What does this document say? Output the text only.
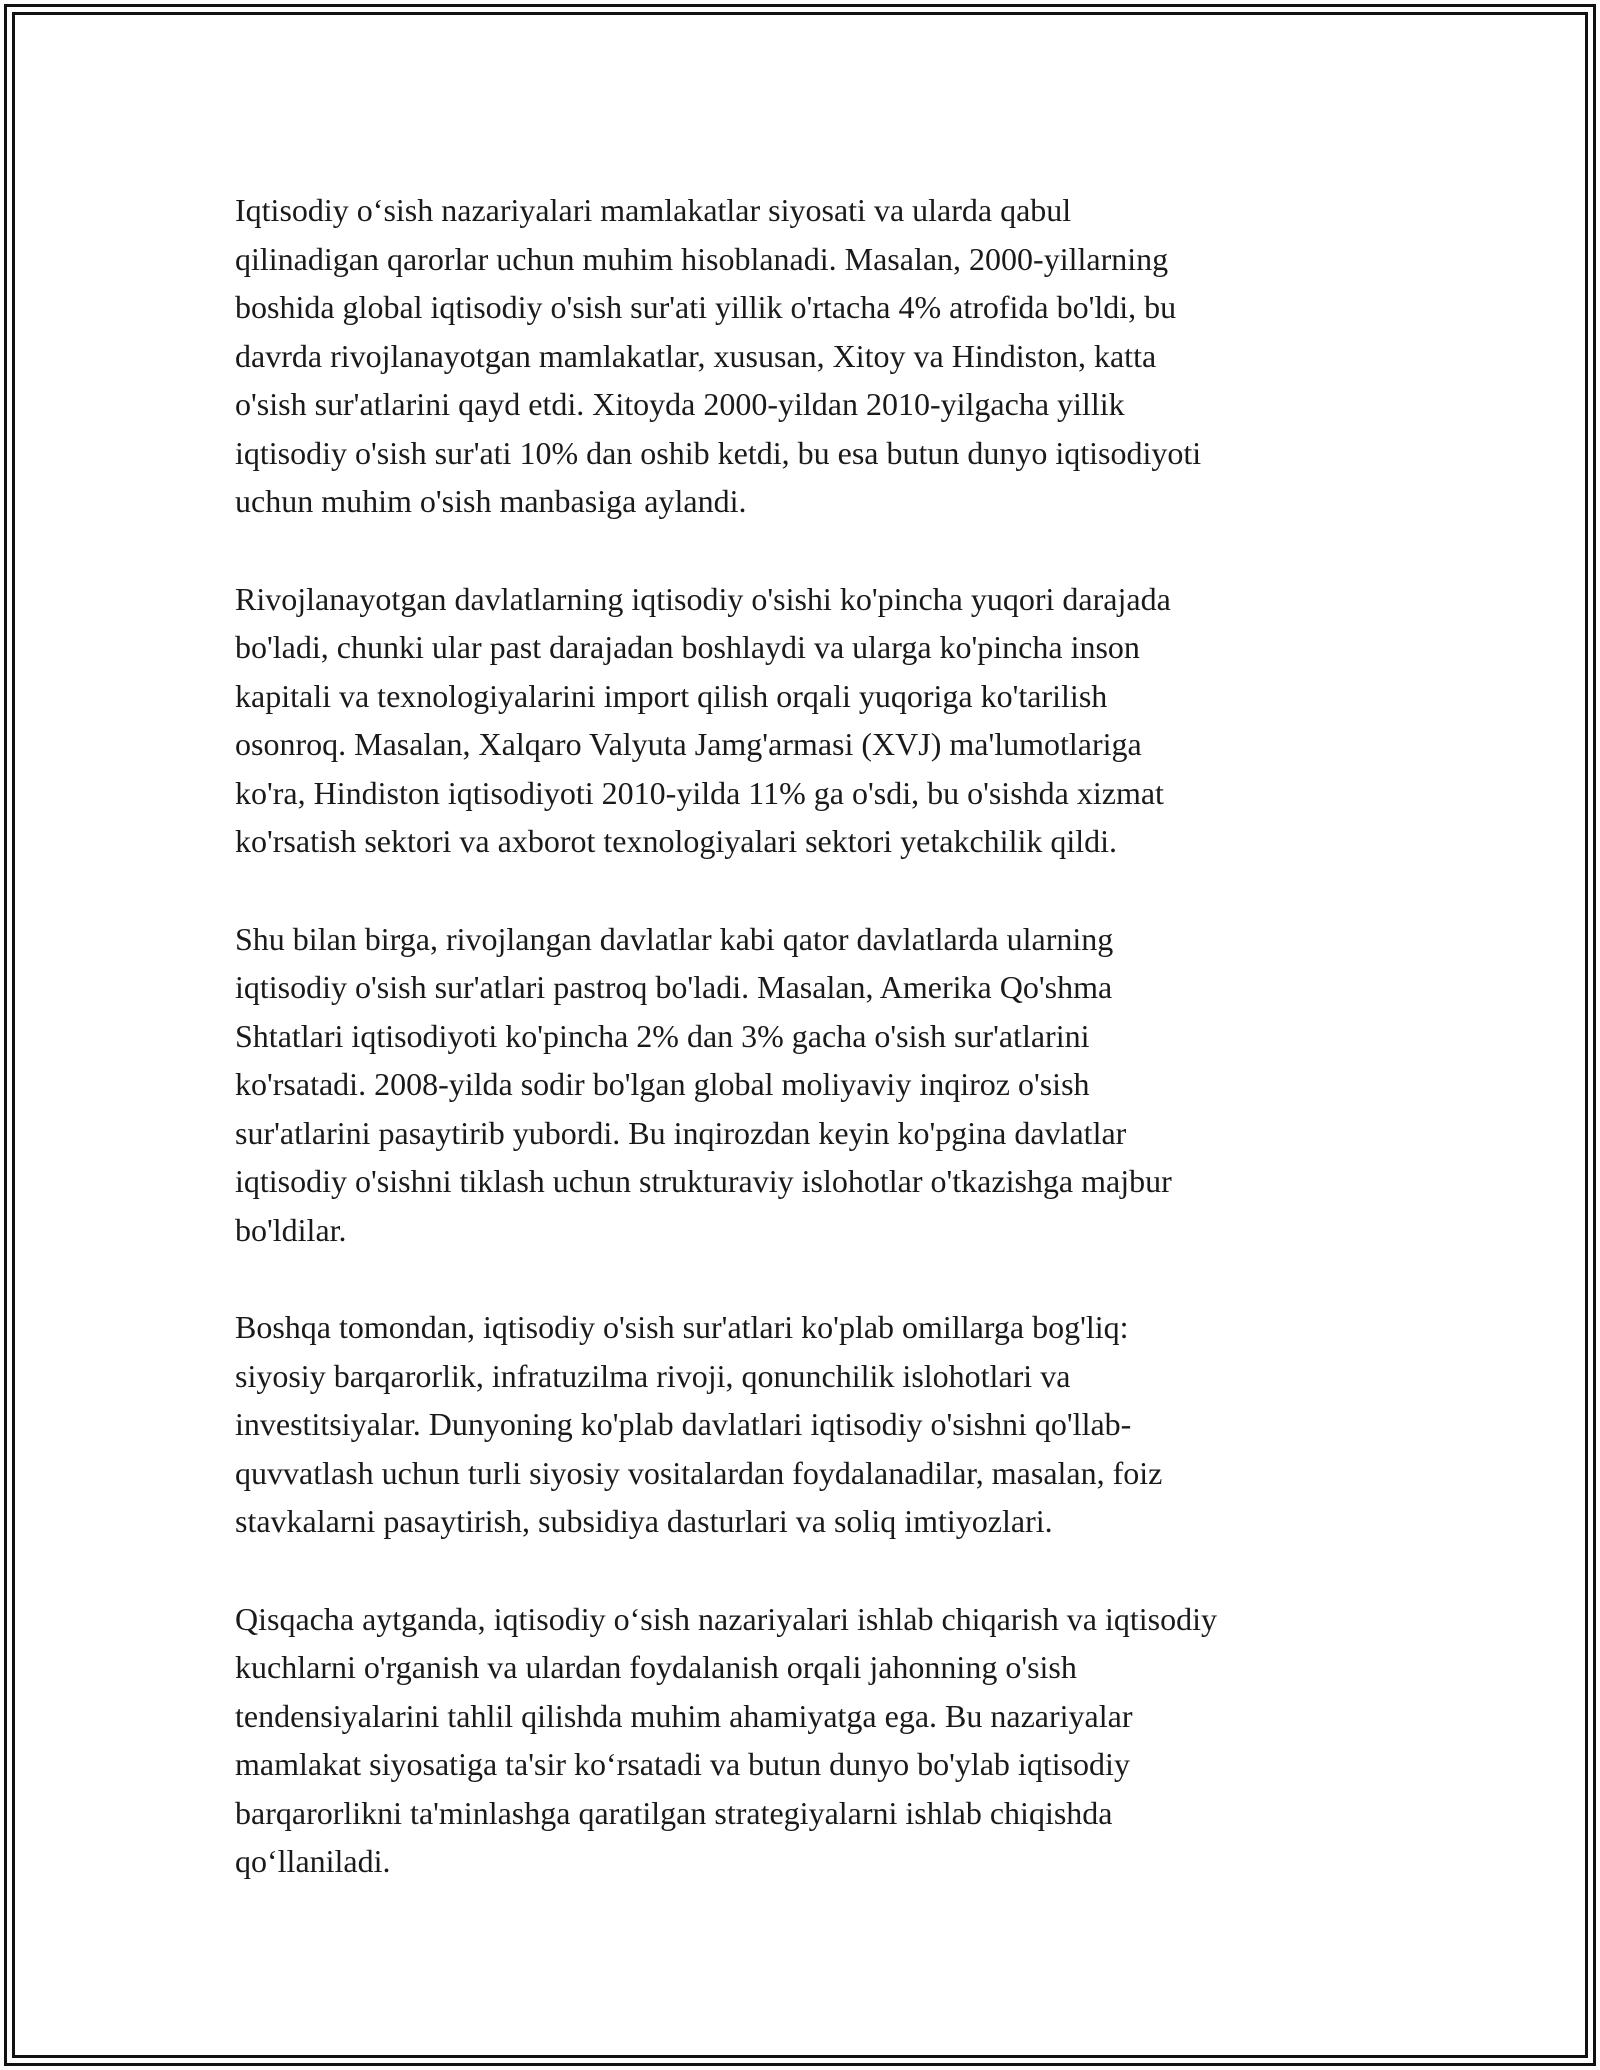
Iqtisodiy o‘sish nazariyalari mamlakatlar siyosati va ularda qabul
qilinadigan qarorlar uchun muhim hisoblanadi. Masalan, 2000-yillarning
boshida global iqtisodiy o'sish sur'ati yillik o'rtacha 4% atrofida bo'ldi, bu
davrda rivojlanayotgan mamlakatlar, xususan, Xitoy va Hindiston, katta
o'sish sur'atlarini qayd etdi. Xitoyda 2000-yildan 2010-yilgacha yillik
iqtisodiy o'sish sur'ati 10% dan oshib ketdi, bu esa butun dunyo iqtisodiyoti
uchun muhim o'sish manbasiga aylandi.

Rivojlanayotgan davlatlarning iqtisodiy o'sishi ko'pincha yuqori darajada
bo'ladi, chunki ular past darajadan boshlaydi va ularga ko'pincha inson
kapitali va texnologiyalarini import qilish orqali yuqoriga ko'tarilish
osonroq. Masalan, Xalqaro Valyuta Jamg'armasi (XVJ) ma'lumotlariga
ko'ra, Hindiston iqtisodiyoti 2010-yilda 11% ga o'sdi, bu o'sishda xizmat
ko'rsatish sektori va axborot texnologiyalari sektori yetakchilik qildi.

Shu bilan birga, rivojlangan davlatlar kabi qator davlatlarda ularning
iqtisodiy o'sish sur'atlari pastroq bo'ladi. Masalan, Amerika Qo'shma
Shtatlari iqtisodiyoti ko'pincha 2% dan 3% gacha o'sish sur'atlarini
ko'rsatadi. 2008-yilda sodir bo'lgan global moliyaviy inqiroz o'sish
sur'atlarini pasaytirib yubordi. Bu inqirozdan keyin ko'pgina davlatlar
iqtisodiy o'sishni tiklash uchun strukturaviy islohotlar o'tkazishga majbur
bo'ldilar.

Boshqa tomondan, iqtisodiy o'sish sur'atlari ko'plab omillarga bog'liq:
siyosiy barqarorlik, infratuzilma rivoji, qonunchilik islohotlari va
investitsiyalar. Dunyoning ko'plab davlatlari iqtisodiy o'sishni qo'llab-
quvvatlash uchun turli siyosiy vositalardan foydalanadilar, masalan, foiz
stavkalarni pasaytirish, subsidiya dasturlari va soliq imtiyozlari.

Qisqacha aytganda, iqtisodiy o‘sish nazariyalari ishlab chiqarish va iqtisodiy
kuchlarni o'rganish va ulardan foydalanish orqali jahonning o'sish
tendensiyalarini tahlil qilishda muhim ahamiyatga ega. Bu nazariyalar
mamlakat siyosatiga ta'sir ko‘rsatadi va butun dunyo bo'ylab iqtisodiy
barqarorlikni ta'minlashga qaratilgan strategiyalarni ishlab chiqishda
qo‘llaniladi.
